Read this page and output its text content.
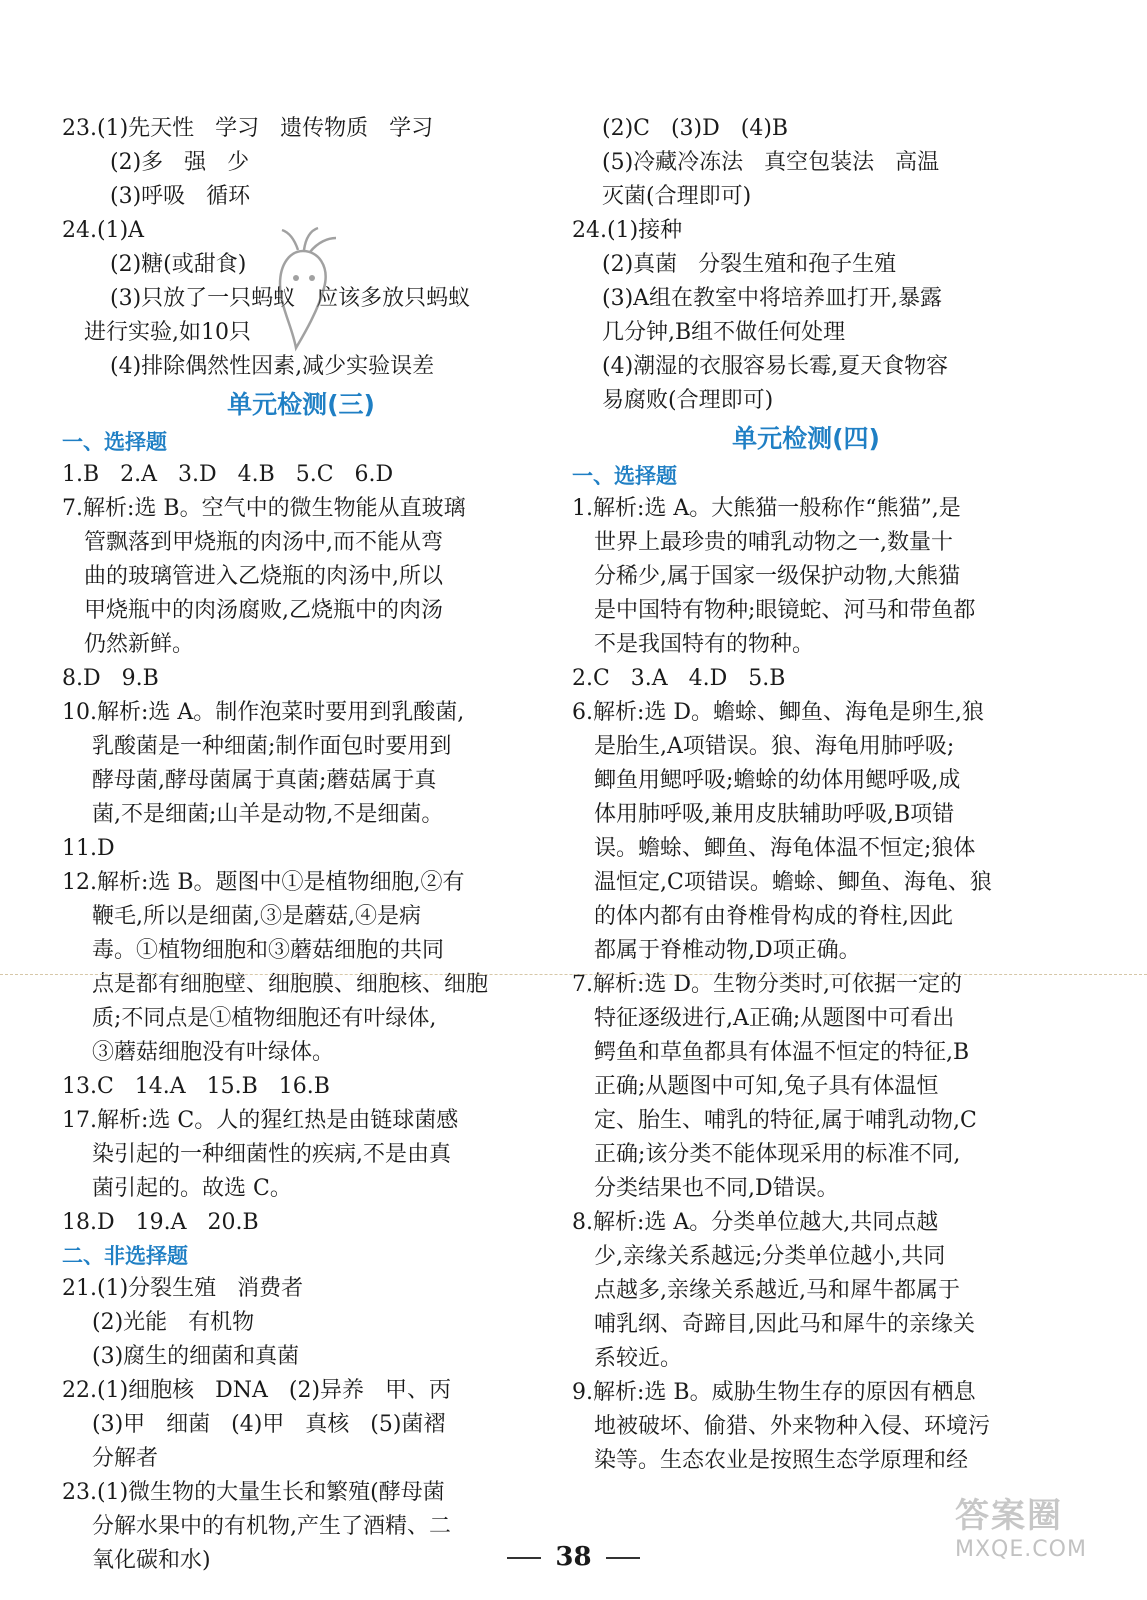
23.(1)先天性   学习   遗传物质   学习
(2)多   强   少
(3)呼吸   循环
24.(1)A
(2)糖(或甜食)
(3)只放了一只蚂蚁   应该多放只蚂蚁
进行实验,如10只
(4)排除偶然性因素,减少实验误差
单元检测(三)
一、选择题
1.B   2.A   3.D   4.B   5.C   6.D
7.解析:选 B。空气中的微生物能从直玻璃
管飘落到甲烧瓶的肉汤中,而不能从弯
曲的玻璃管进入乙烧瓶的肉汤中,所以
甲烧瓶中的肉汤腐败,乙烧瓶中的肉汤
仍然新鲜。
8.D   9.B
10.解析:选 A。制作泡菜时要用到乳酸菌,
乳酸菌是一种细菌;制作面包时要用到
酵母菌,酵母菌属于真菌;蘑菇属于真
菌,不是细菌;山羊是动物,不是细菌。
11.D
12.解析:选 B。题图中①是植物细胞,②有
鞭毛,所以是细菌,③是蘑菇,④是病
毒。①植物细胞和③蘑菇细胞的共同
点是都有细胞壁、细胞膜、细胞核、细胞
质;不同点是①植物细胞还有叶绿体,
③蘑菇细胞没有叶绿体。
13.C   14.A   15.B   16.B
17.解析:选 C。人的猩红热是由链球菌感
染引起的一种细菌性的疾病,不是由真
菌引起的。故选 C。
18.D   19.A   20.B
二、非选择题
21.(1)分裂生殖   消费者
(2)光能   有机物
(3)腐生的细菌和真菌
22.(1)细胞核   DNA   (2)异养   甲、丙
(3)甲   细菌   (4)甲   真核   (5)菌褶
分解者
23.(1)微生物的大量生长和繁殖(酵母菌
分解水果中的有机物,产生了酒精、二
氧化碳和水)
(2)C   (3)D   (4)B
(5)冷藏冷冻法   真空包装法   高温
灭菌(合理即可)
24.(1)接种
(2)真菌   分裂生殖和孢子生殖
(3)A组在教室中将培养皿打开,暴露
几分钟,B组不做任何处理
(4)潮湿的衣服容易长霉,夏天食物容
易腐败(合理即可)
单元检测(四)
一、选择题
1.解析:选 A。大熊猫一般称作“熊猫”,是
世界上最珍贵的哺乳动物之一,数量十
分稀少,属于国家一级保护动物,大熊猫
是中国特有物种;眼镜蛇、河马和带鱼都
不是我国特有的物种。
2.C   3.A   4.D   5.B
6.解析:选 D。蟾蜍、鲫鱼、海龟是卵生,狼
是胎生,A项错误。狼、海龟用肺呼吸;
鲫鱼用鳃呼吸;蟾蜍的幼体用鳃呼吸,成
体用肺呼吸,兼用皮肤辅助呼吸,B项错
误。蟾蜍、鲫鱼、海龟体温不恒定;狼体
温恒定,C项错误。蟾蜍、鲫鱼、海龟、狼
的体内都有由脊椎骨构成的脊柱,因此
都属于脊椎动物,D项正确。
7.解析:选 D。生物分类时,可依据一定的
特征逐级进行,A正确;从题图中可看出
鳄鱼和草鱼都具有体温不恒定的特征,B
正确;从题图中可知,兔子具有体温恒
定、胎生、哺乳的特征,属于哺乳动物,C
正确;该分类不能体现采用的标准不同,
分类结果也不同,D错误。
8.解析:选 A。分类单位越大,共同点越
少,亲缘关系越远;分类单位越小,共同
点越多,亲缘关系越近,马和犀牛都属于
哺乳纲、奇蹄目,因此马和犀牛的亲缘关
系较近。
9.解析:选 B。威胁生物生存的原因有栖息
地被破坏、偷猎、外来物种入侵、环境污
染等。生态农业是按照生态学原理和经
38
答案圈
MXQE.COM
